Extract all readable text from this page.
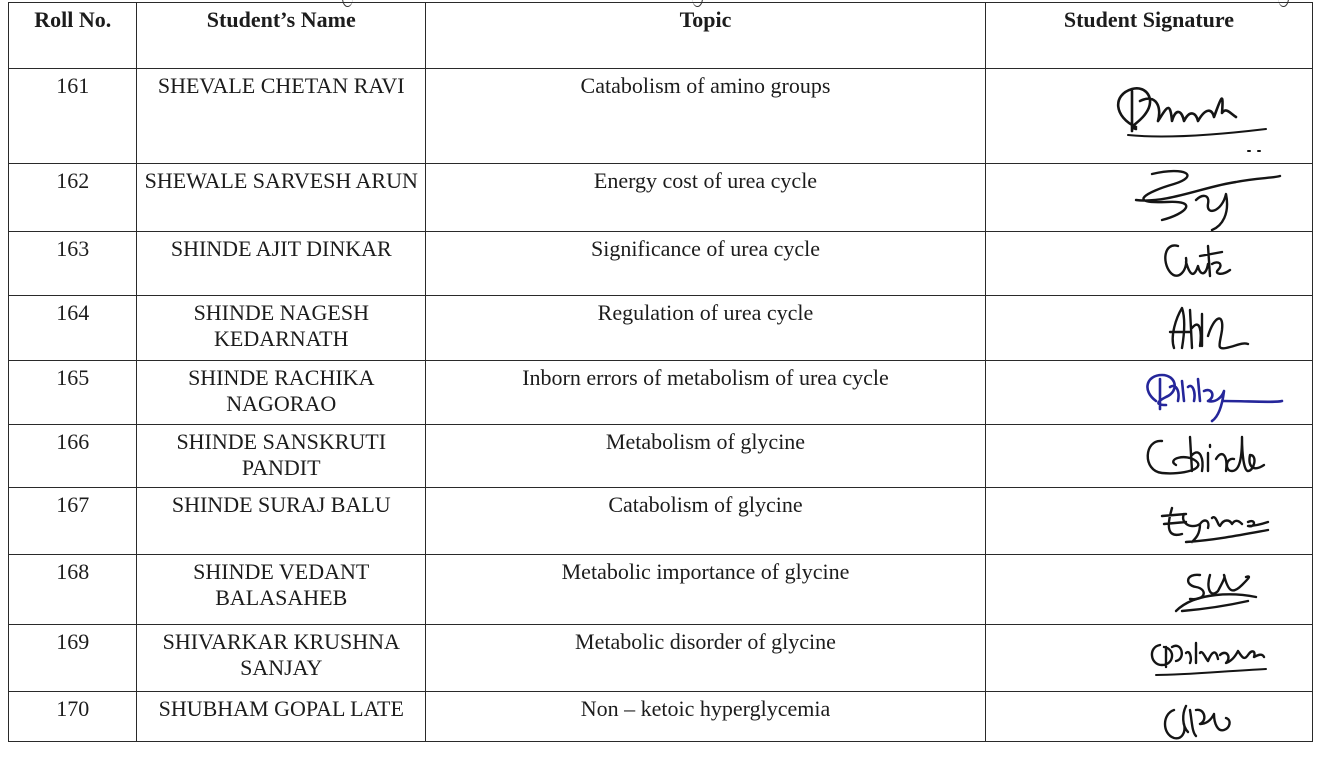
Roll No.	Student’s Name	Topic	Student Signature
161	SHEVALE CHETAN RAVI	Catabolism of amino groups	

162	SHEWALE SARVESH ARUN	Energy cost of urea cycle	

163	SHINDE AJIT DINKAR	Significance of urea cycle	

164	SHINDE NAGESH KEDARNATH	Regulation of urea cycle	

165	SHINDE RACHIKA NAGORAO	Inborn errors of metabolism of urea cycle	

166	SHINDE SANSKRUTI PANDIT	Metabolism of glycine	

167	SHINDE SURAJ BALU	Catabolism of glycine	

168	SHINDE VEDANT BALASAHEB	Metabolic importance of glycine	

169	SHIVARKAR KRUSHNA SANJAY	Metabolic disorder of glycine	

170	SHUBHAM GOPAL LATE	Non – ketoic hyperglycemia	
